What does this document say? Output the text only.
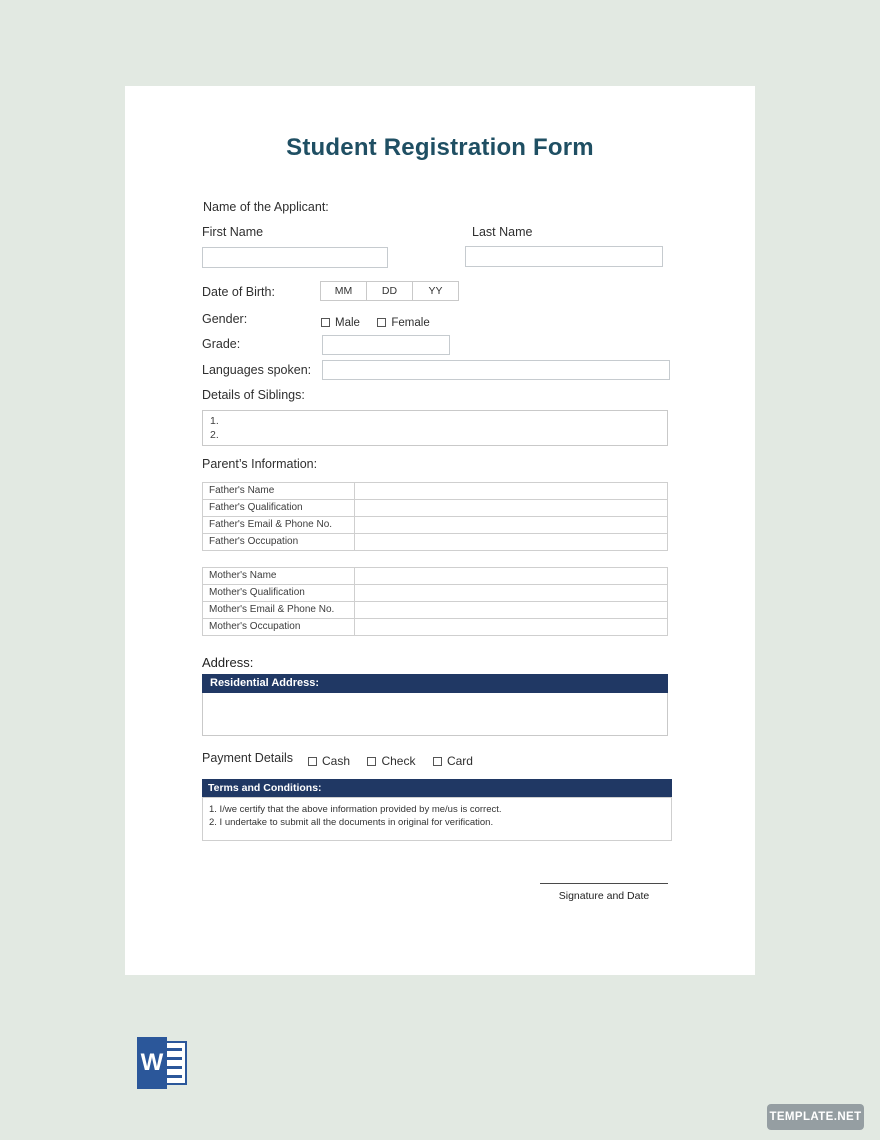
Student Registration Form
Name of the Applicant:
First Name	Last Name
Date of Birth:	MM	DD	YY
Gender:	Male	Female
Grade:
Languages spoken:
Details of Siblings:
1.
2.
Parent’s Information:
Father's Name
Father's Qualification
Father's Email & Phone No.
Father's Occupation
Mother's Name
Mother's Qualification
Mother's Email & Phone No.
Mother's Occupation
Address:
Residential Address:
Payment Details	Cash	Check	Card
Terms and Conditions:
1. I/we certify that the above information provided by me/us is correct.
2. I undertake to submit all the documents in original for verification.
Signature and Date
W
TEMPLATE.NET
